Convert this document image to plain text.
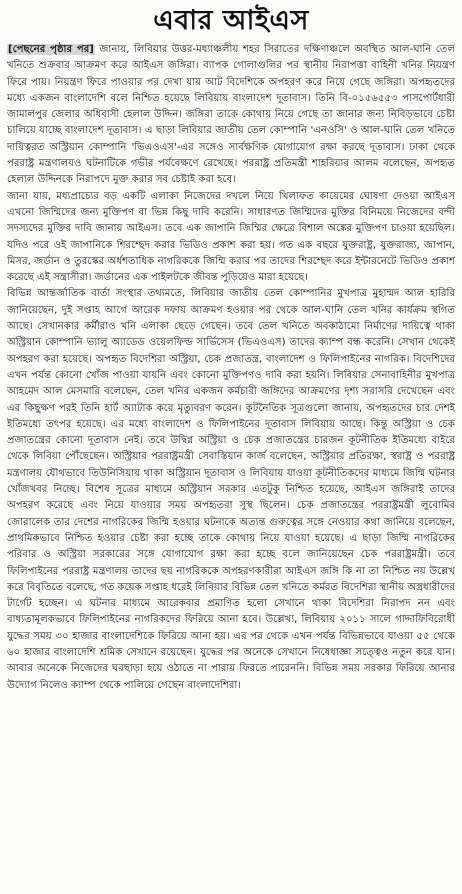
এবার আইএস

[পেছনের পৃষ্ঠার পর] জানায়, লিবিয়ার উত্তর-মধ্যাঞ্চলীয় শহর সিরাতের দক্ষিণাঞ্চলে অবস্থিত আল-ঘানি তেল খনিতে শুক্রবার আক্রমণ করে আইএস জঙ্গিরা। ব্যাপক গোলাগুলির পর স্থানীয় নিরাপত্তা বাহিনী খনির নিয়ন্ত্রণ ফিরে পায়। নিয়ন্ত্রণ ফিরে পাওয়ার পর দেখা যায় আট বিদেশিকে অপহরণ করে নিয়ে গেছে জঙ্গিরা। অপহৃতদের মধ্যে একজন বাংলাদেশি বলে নিশ্চিত হয়েছে লিবিয়ায় বাংলাদেশ দূতাবাস। তিনি বি-০১৫৬৫৫৩ পাসপোর্টধারী জামালপুর জেলার অধিবাসী হেলাল উদ্দিন। জঙ্গিরা তাকে কোথায় নিয়ে গেছে তা জানার জন্য নিবিড়ভাবে চেষ্টা চালিয়ে যাচ্ছে বাংলাদেশ দূতাবাস। এ ছাড়া লিবিয়ার জাতীয় তেল কোম্পানি 'এনওসি' ও আল-ঘানি তেল খনিতে দায়িত্বরত অস্ট্রিয়ান কোম্পানি 'ভিএওএস'-এর সঙ্গেও সার্বক্ষণিক যোগাযোগ রক্ষা করছে দূতাবাস। ঢাকা থেকে পররাষ্ট্র মন্ত্রণালয়ও ঘটনাটিকে গভীর পর্যবেক্ষণে রেখেছে। পররাষ্ট্র প্রতিমন্ত্রী শাহরিয়ার আলম বলেছেন, অপহৃত হেলাল উদ্দিনকে নিরাপদে মুক্ত করার সব চেষ্টাই করা হবে।

জানা যায়, মধ্যপ্রাচ্যের বড় একটি এলাকা নিজেদের দখলে নিয়ে খিলাফত কায়েমের ঘোষণা দেওয়া আইএস এখনো জিম্মিদের জন্য মুক্তিপণ বা ভিন্ন কিছু দাবি করেনি। সাধারণত জিম্মিদের মুক্তির বিনিময়ে নিজেদের বন্দী সদস্যদের মুক্তির দাবি জানায় আইএস। তবে এক জাপানি জিম্মির ক্ষেত্রে বিশাল অঙ্কের মুক্তিপণ চাওয়া হয়েছিল। যদিও পরে ওই জাপানিকে শিরশ্ছেদ করার ভিডিও প্রকাশ করা হয়। গত এক বছরে যুক্তরাষ্ট্র, যুক্তরাজ্য, জাপান, মিসর, জর্ডান ও তুরস্কের অর্ধশতাধিক নাগরিককে জিম্মি করার পর তাদের শিরশ্ছেদ করে ইন্টারনেটে ভিডিও প্রকাশ করেছে এই সন্ত্রাসীরা। জর্ডানের এক পাইলটকে জীবন্ত পুড়িয়েও মারা হয়েছে।

বিভিন্ন আন্তর্জাতিক বার্তা সংস্থার তথ্যমতে, লিবিয়ার জাতীয় তেল কোম্পানির মুখপাত্র মুহাম্মদ আল হারিরি জানিয়েছেন, দুই সপ্তাহ আগে আরেক দফায় আক্রমণ হওয়ার পর থেকে আল-ঘানি তেল খনির কার্যক্রম স্থগিত আছে। সেখানকার কর্মীরাও খনি এলাকা ছেড়ে গেছেন। তবে তেল খনিতে অবকাঠামো নির্মাণের দায়িত্বে থাকা অস্ট্রিয়ান কোম্পানি ভ্যালু অ্যাডেড ওয়েলফিল্ড সার্ভিসেস (ভিএওএস) তাদের ক্যাম্প বন্ধ করেনি। সেখান থেকেই অপহরণ করা হয়েছে। অপহৃত বিদেশিরা অস্ট্রিয়া, চেক প্রজাতন্ত্র, বাংলাদেশ ও ফিলিপাইনের নাগরিক। বিদেশিদের এখন পর্যন্ত কোনো খোঁজ পাওয়া যায়নি এবং কোনো মুক্তিপণও দাবি করা হয়নি। লিবিয়ার সেনাবাহিনীর মুখপাত্র আহমেদ আল মেসমারি বলেছেন, তেল খনির একজন কর্মচারী জঙ্গিদের আক্রমণের দৃশ্য সরাসরি দেখেছেন এবং এর কিছুক্ষণ পরই তিনি হার্ট অ্যাটাক করে মৃত্যুবরণ করেন। কূটনৈতিক সূত্রগুলো জানায়, অপহৃতদের চার দেশই ইতিমধ্যে তৎপর হয়েছে। এর মধ্যে বাংলাদেশ ও ফিলিপাইনের দূতাবাস লিবিয়ায় আছে। কিন্তু অস্ট্রিয়া ও চেক প্রজাতন্ত্রের কোনো দূতাবাস নেই। তবে উদ্বিগ্ন অস্ট্রিয়া ও চেক প্রজাতন্ত্রের চারজন কূটনীতিক ইতিমধ্যে বাইরে থেকে লিবিয়া পৌঁছেছেন। অস্ট্রিয়ার পররাষ্ট্রমন্ত্রী সেবাস্তিয়ান কার্জ বলেছেন, অস্ট্রিয়ার প্রতিরক্ষা, স্বরাষ্ট্র ও পররাষ্ট্র মন্ত্রণালয় যৌথভাবে তিউনিসিয়ায় থাকা অস্ট্রিয়ান দূতাবাস ও লিবিয়ায় যাওয়া কূটনীতিকদের মাধ্যমে জিম্মি ঘটনার খোঁজখবর নিচ্ছে। বিশেষ সূত্রের মাধ্যমে অস্ট্রিয়ান সরকার এতটুকু নিশ্চিত হয়েছে, আইএস জঙ্গিরাই তাদের অপহরণ করেছে এবং নিয়ে যাওয়ার সময় অপহৃতরা সুস্থ ছিলেন। চেক প্রজাতন্ত্রের পররাষ্ট্রমন্ত্রী লুবোমির জোরালেক তার দেশের নাগরিকের জিম্মি হওয়ার ঘটনাকে অত্যন্ত গুরুত্বের সঙ্গে নেওয়ার কথা জানিয়ে বলেছেন, প্রাথমিকভাবে নিশ্চিত হওয়ার চেষ্টা করা হচ্ছে তাকে কোথায় নিয়ে যাওয়া হয়েছে। এ ছাড়া জিম্মি নাগরিকের পরিবার ও অস্ট্রিয়া সরকারের সঙ্গে যোগাযোগ রক্ষা করা হচ্ছে বলে জানিয়েছেন চেক পররাষ্ট্রমন্ত্রী। তবে ফিলিপাইনের পররাষ্ট্র মন্ত্রণালয় তাদের ছয় নাগরিককে অপহরণকারীরা আইএস জঙ্গি কি না তা নিশ্চিত নয় উল্লেখ করে বিবৃতিতে বলেছে, গত কয়েক সপ্তাহ ধরেই লিবিয়ার বিভিন্ন তেল খনিতে কর্মরত বিদেশিরা স্থানীয় অস্ত্রধারীদের টার্গেট হচ্ছেন। এ ঘটনার মাধ্যমে আরেকবার প্রমাণিত হলো সেখানে থাকা বিদেশিরা নিরাপদ নন এবং বাধ্যতামূলকভাবে ফিলিপাইনের নাগরিকদের ফিরিয়ে আনা হবে। উল্লেখ্য, লিবিয়ায় ২০১১ সালে গাদ্দাফিবিরোধী যুদ্ধের সময় ৩০ হাজার বাংলাদেশিকে ফিরিয়ে আনা হয়। এর পর থেকে এখন পর্যন্ত বিভিন্নভাবে যাওয়া ৫৫ থেকে ৬০ হাজার বাংলাদেশি শ্রমিক সেখানে রয়েছেন। যুদ্ধের পর অনেকে সেখানে নিষেধাজ্ঞা সত্ত্বেও নতুন করে যান। আবার অনেকে নিজেদের ঘরছাড়া হয়ে ওঠাতে না পারায় ফিরতে পারেননি। বিভিন্ন সময় সরকার ফিরিয়ে আনার উদ্যোগ নিলেও ক্যাম্প থেকে পালিয়ে গেছেন বাংলাদেশিরা।
